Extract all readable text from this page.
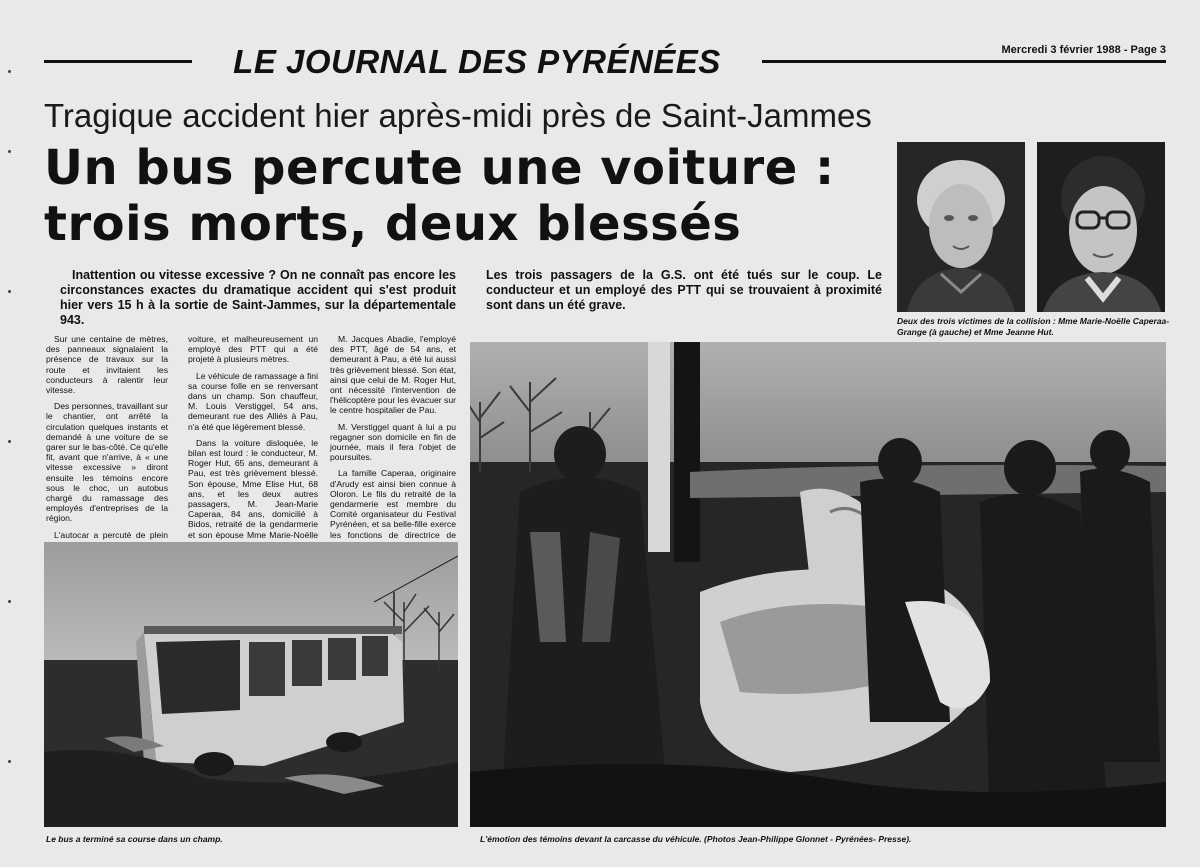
LE JOURNAL DES PYRÉNÉES	Mercredi 3 février 1988 - Page 3
Tragique accident hier après-midi près de Saint-Jammes
Un bus percute une voiture :
trois morts, deux blessés
Inattention ou vitesse excessive ? On ne connaît pas encore les circonstances exactes du dramatique accident qui s'est produit hier vers 15 h à la sortie de Saint-Jammes, sur la départementale 943.
Les trois passagers de la G.S. ont été tués sur le coup. Le conducteur et un employé des PTT qui se trouvaient à proximité sont dans un été grave.
Deux des trois victimes de la collision : Mme Marie-Noëlle Caperaa-Grange (à gauche) et Mme Jeanne Hut.

Sur une centaine de mètres, des panneaux signalaient la présence de travaux sur la route et invitaient les conducteurs à ralentir leur vitesse.

Des personnes, travaillant sur le chantier, ont arrêté la circulation quelques instants et demandé à une voiture de se garer sur le bas-côté. Ce qu'elle fit, avant que n'arrive, à « une vitesse excessive » diront ensuite les témoins encore sous le choc, un autobus chargé du ramassage des employés d'entreprises de la région.

L'autocar a percuté de plein

voiture, et malheureusement un employé des PTT qui a été projeté à plusieurs mètres.

Le véhicule de ramassage a fini sa course folle en se renversant dans un champ. Son chauffeur, M. Louis Verstiggel, 54 ans, demeurant rue des Alliés à Pau, n'a été que légèrement blessé.

Dans la voiture disloquée, le bilan est lourd : le conducteur, M. Roger Hut, 65 ans, demeurant à Pau, est très grièvement blessé. Son épouse, Mme Elise Hut, 68 ans, et les deux autres passagers, M. Jean-Marie Caperaa, 84 ans, domicilié à Bidos, retraité de la gendarmerie et son épouse Mme Marie-Noëlle

M. Jacques Abadie, l'employé des PTT, âgé de 54 ans, et demeurant à Pau, a été lui aussi très grièvement blessé. Son état, ainsi que celui de M. Roger Hut, ont nécessité l'intervention de l'hélicoptère pour les évacuer sur le centre hospitalier de Pau.

M. Verstiggel quant à lui a pu regagner son domicile en fin de journée, mais il fera l'objet de poursuites.

La famille Caperaa, originaire d'Arudy est ainsi bien connue à Oloron. Le fils du retraité de la gendarmerie est membre du Comité organisateur du Festival Pyrénéen, et sa belle-fille exerce les fonctions de directrice de

Le bus a terminé sa course dans un champ.	L'émotion des témoins devant la carcasse du véhicule. (Photos Jean-Philippe Glonnet - Pyrénées- Presse).
